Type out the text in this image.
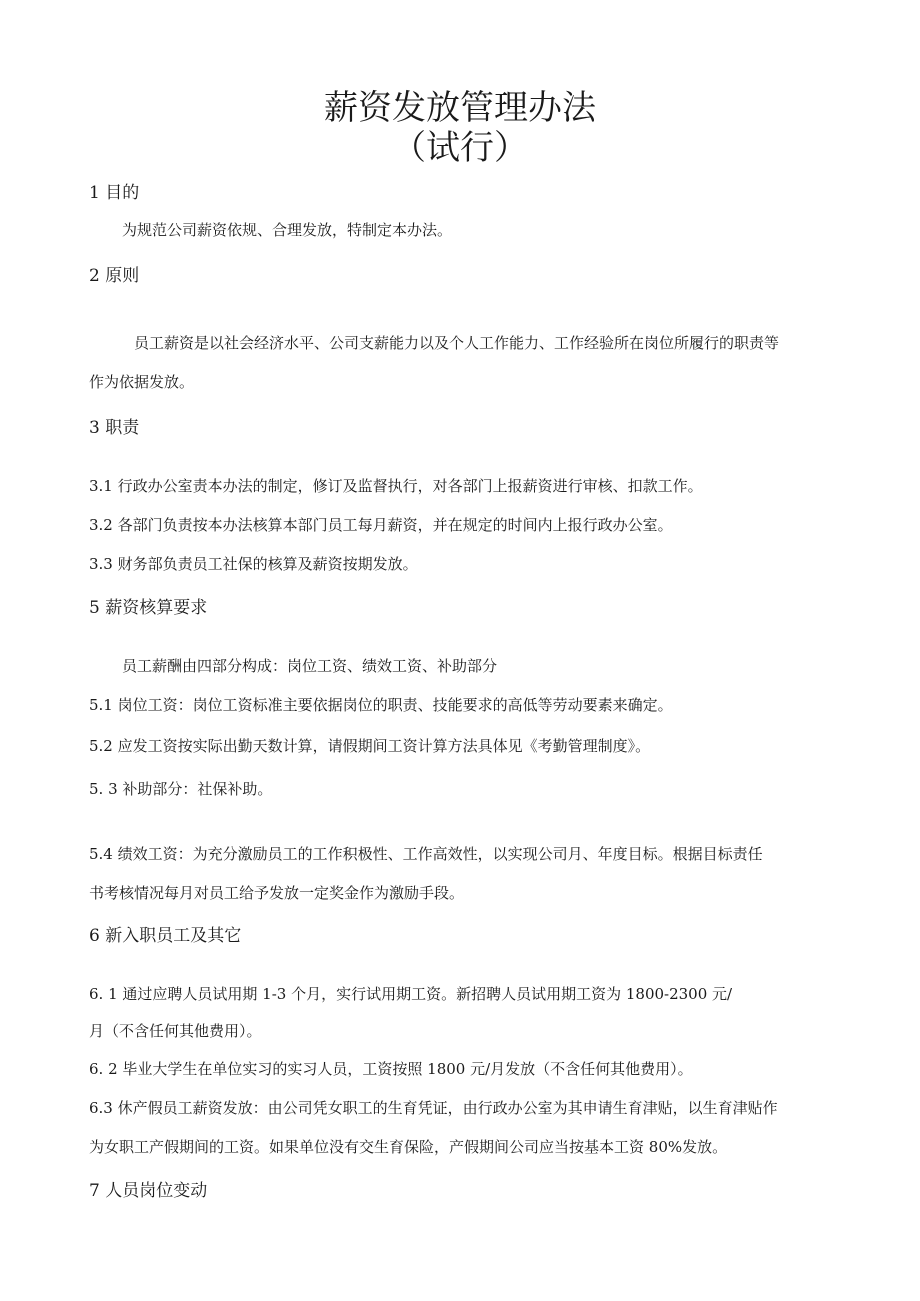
薪资发放管理办法
（试行）

1 目的

为规范公司薪资依规、合理发放，特制定本办法。

2 原则

员工薪资是以社会经济水平、公司支薪能力以及个人工作能力、工作经验所在岗位所履行的职责等

作为依据发放。

3 职责

3.1 行政办公室责本办法的制定，修订及监督执行，对各部门上报薪资进行审核、扣款工作。

3.2 各部门负责按本办法核算本部门员工每月薪资，并在规定的时间内上报行政办公室。

3.3 财务部负责员工社保的核算及薪资按期发放。

5 薪资核算要求

员工薪酬由四部分构成：岗位工资、绩效工资、补助部分

5.1 岗位工资：岗位工资标准主要依据岗位的职责、技能要求的高低等劳动要素来确定。

5.2 应发工资按实际出勤天数计算，请假期间工资计算方法具体见《考勤管理制度》。

5. 3 补助部分：社保补助。

5.4 绩效工资：为充分激励员工的工作积极性、工作高效性，以实现公司月、年度目标。根据目标责任

书考核情况每月对员工给予发放一定奖金作为激励手段。

6 新入职员工及其它

6. 1 通过应聘人员试用期 1-3 个月，实行试用期工资。新招聘人员试用期工资为 1800-2300 元/

月（不含任何其他费用）。

6. 2 毕业大学生在单位实习的实习人员，工资按照 1800 元/月发放（不含任何其他费用）。

6.3 休产假员工薪资发放：由公司凭女职工的生育凭证，由行政办公室为其申请生育津贴，以生育津贴作

为女职工产假期间的工资。如果单位没有交生育保险，产假期间公司应当按基本工资 80%发放。

7 人员岗位变动
